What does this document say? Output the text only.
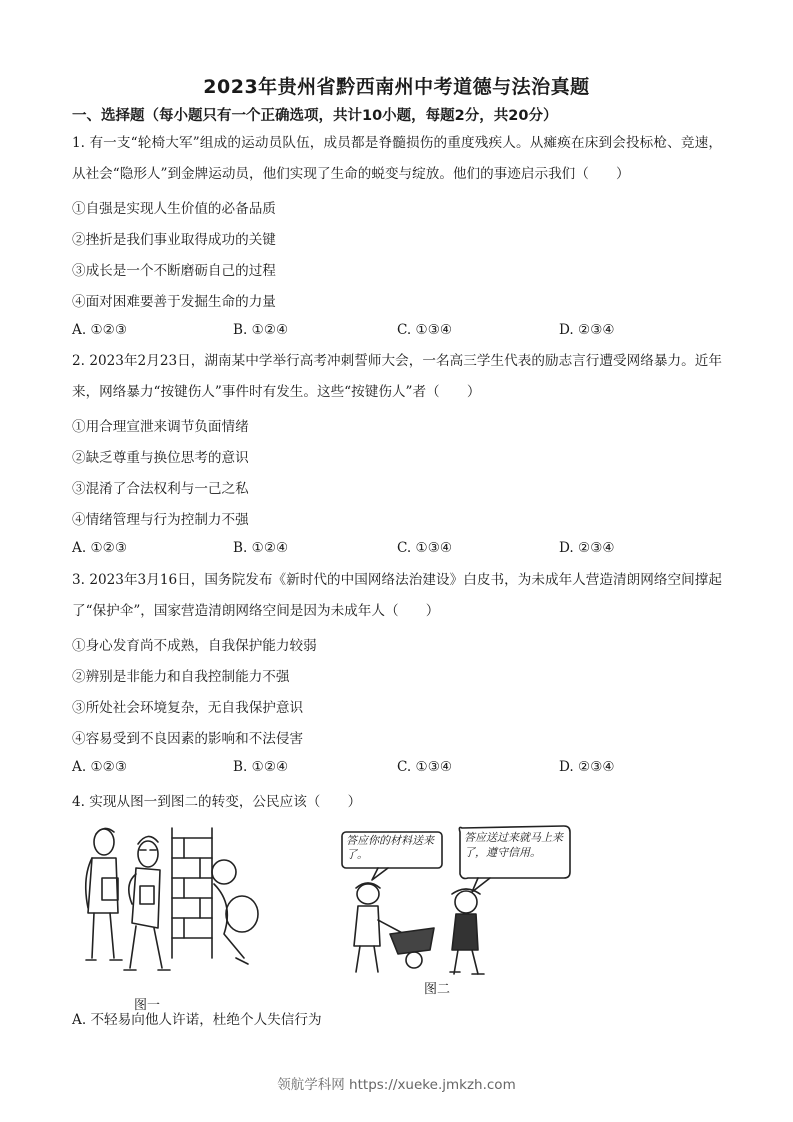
2023年贵州省黔西南州中考道德与法治真题
一、选择题（每小题只有一个正确选项，共计10小题，每题2分，共20分）
1. 有一支“轮椅大军”组成的运动员队伍，成员都是脊髓损伤的重度残疾人。从瘫痪在床到会投标枪、竞速，从社会“隐形人”到金牌运动员，他们实现了生命的蜕变与绽放。他们的事迹启示我们（　　）
①自强是实现人生价值的必备品质
②挫折是我们事业取得成功的关键
③成长是一个不断磨砺自己的过程
④面对困难要善于发掘生命的力量
A. ①②③	B. ①②④	C. ①③④	D. ②③④
2. 2023年2月23日，湖南某中学举行高考冲刺誓师大会，一名高三学生代表的励志言行遭受网络暴力。近年来，网络暴力“按键伤人”事件时有发生。这些“按键伤人”者（　　）
①用合理宣泄来调节负面情绪
②缺乏尊重与换位思考的意识
③混淆了合法权利与一己之私
④情绪管理与行为控制力不强
A. ①②③	B. ①②④	C. ①③④	D. ②③④
3. 2023年3月16日，国务院发布《新时代的中国网络法治建设》白皮书，为未成年人营造清朗网络空间撑起了“保护伞”，国家营造清朗网络空间是因为未成年人（　　）
①身心发育尚不成熟，自我保护能力较弱
②辨别是非能力和自我控制能力不强
③所处社会环境复杂，无自我保护意识
④容易受到不良因素的影响和不法侵害
A. ①②③	B. ①②④	C. ①③④	D. ②③④
4. 实现从图一到图二的转变，公民应该（　　）
图一
答应你的材料送来了。
答应送过来就马上来了，遵守信用。
图二
A. 不轻易向他人许诺，杜绝个人失信行为
领航学科网 https://xueke.jmkzh.com
